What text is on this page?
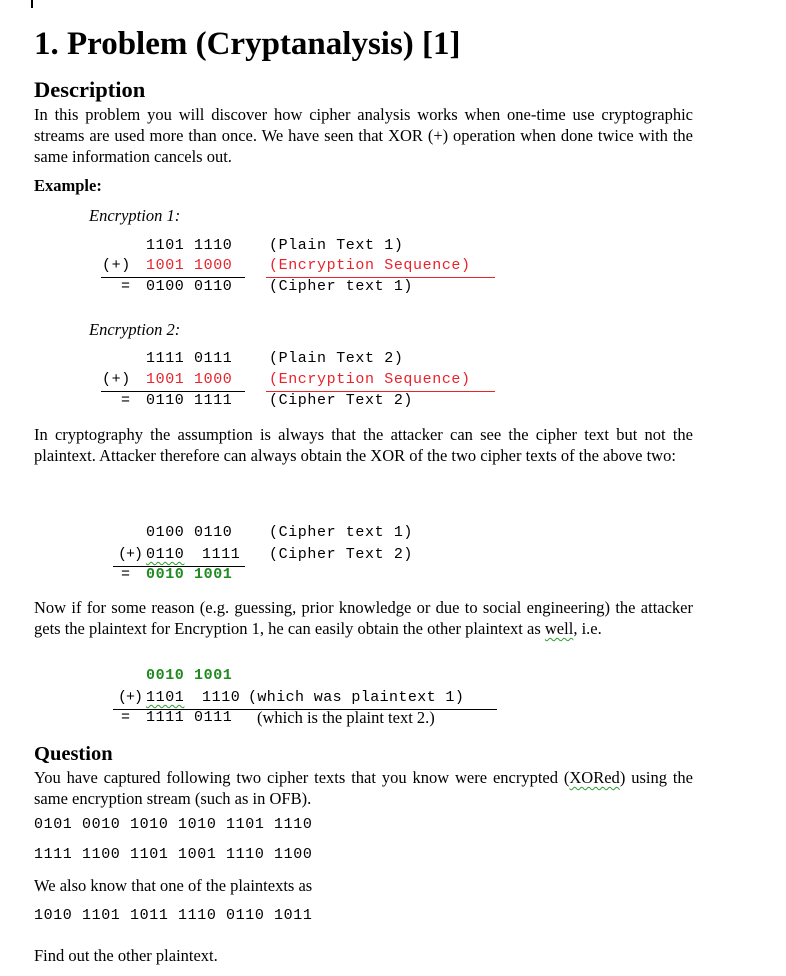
1. Problem (Cryptanalysis) [1]
Description
In this problem you will discover how cipher analysis works when one-time use cryptographic streams are used more than once. We have seen that XOR (+) operation when done twice with the same information cancels out.
Example:
Encryption 1:
1101 1110 (Plain Text 1)
(+) 1001 1000 (Encryption Sequence)
= 0100 0110 (Cipher text 1)
Encryption 2:
1111 0111 (Plain Text 2)
(+) 1001 1000 (Encryption Sequence)
= 0110 1111 (Cipher Text 2)
In cryptography the assumption is always that the attacker can see the cipher text but not the plaintext. Attacker therefore can always obtain the XOR of the two cipher texts of the above two:
0100 0110 (Cipher text 1)
(+) 0110 1111 (Cipher Text 2)
= 0010 1001
Now if for some reason (e.g. guessing, prior knowledge or due to social engineering) the attacker gets the plaintext for Encryption 1, he can easily obtain the other plaintext as well, i.e.
0010 1001
(+) 1101 1110 (which was plaintext 1)
= 1111 0111 (which is the plaint text 2.)
Question
You have captured following two cipher texts that you know were encrypted (XORed) using the same encryption stream (such as in OFB).
0101 0010 1010 1010 1101 1110
1111 1100 1101 1001 1110 1100
We also know that one of the plaintexts as
1010 1101 1011 1110 0110 1011
Find out the other plaintext.
